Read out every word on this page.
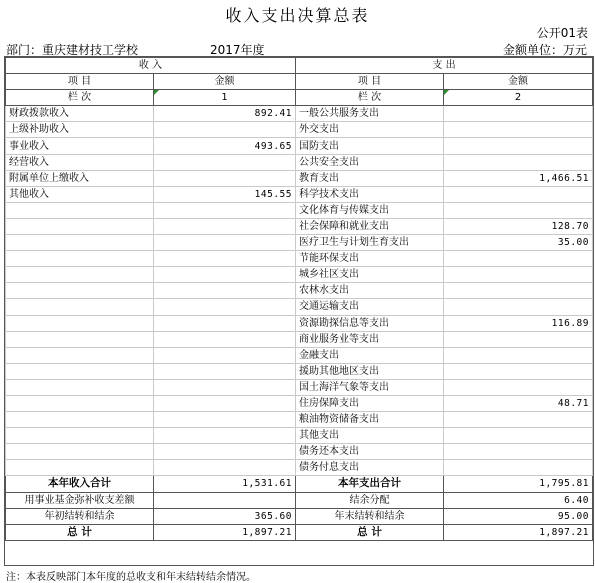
收入支出决算总表
公开01表
部门：重庆建材技工学校	2017年度	金额单位：万元
收 入		支 出	
项 目	金额	项 目	金额
栏 次	1	栏 次	2
财政拨款收入	892.41	一般公共服务支出	
上级补助收入		外交支出	
事业收入	493.65	国防支出	
经营收入		公共安全支出	
附属单位上缴收入		教育支出	1,466.51
其他收入	145.55	科学技术支出	
		文化体育与传媒支出	
		社会保障和就业支出	128.70
		医疗卫生与计划生育支出	35.00
		节能环保支出	
		城乡社区支出	
		农林水支出	
		交通运输支出	
		资源勘探信息等支出	116.89
		商业服务业等支出	
		金融支出	
		援助其他地区支出	
		国土海洋气象等支出	
		住房保障支出	48.71
		粮油物资储备支出	
		其他支出	
		债务还本支出	
		债务付息支出	
本年收入合计	1,531.61	本年支出合计	1,795.81
用事业基金弥补收支差额		结余分配	6.40
年初结转和结余	365.60	年末结转和结余	95.00
总 计	1,897.21	总 计	1,897.21
注：本表反映部门本年度的总收支和年末结转结余情况。
